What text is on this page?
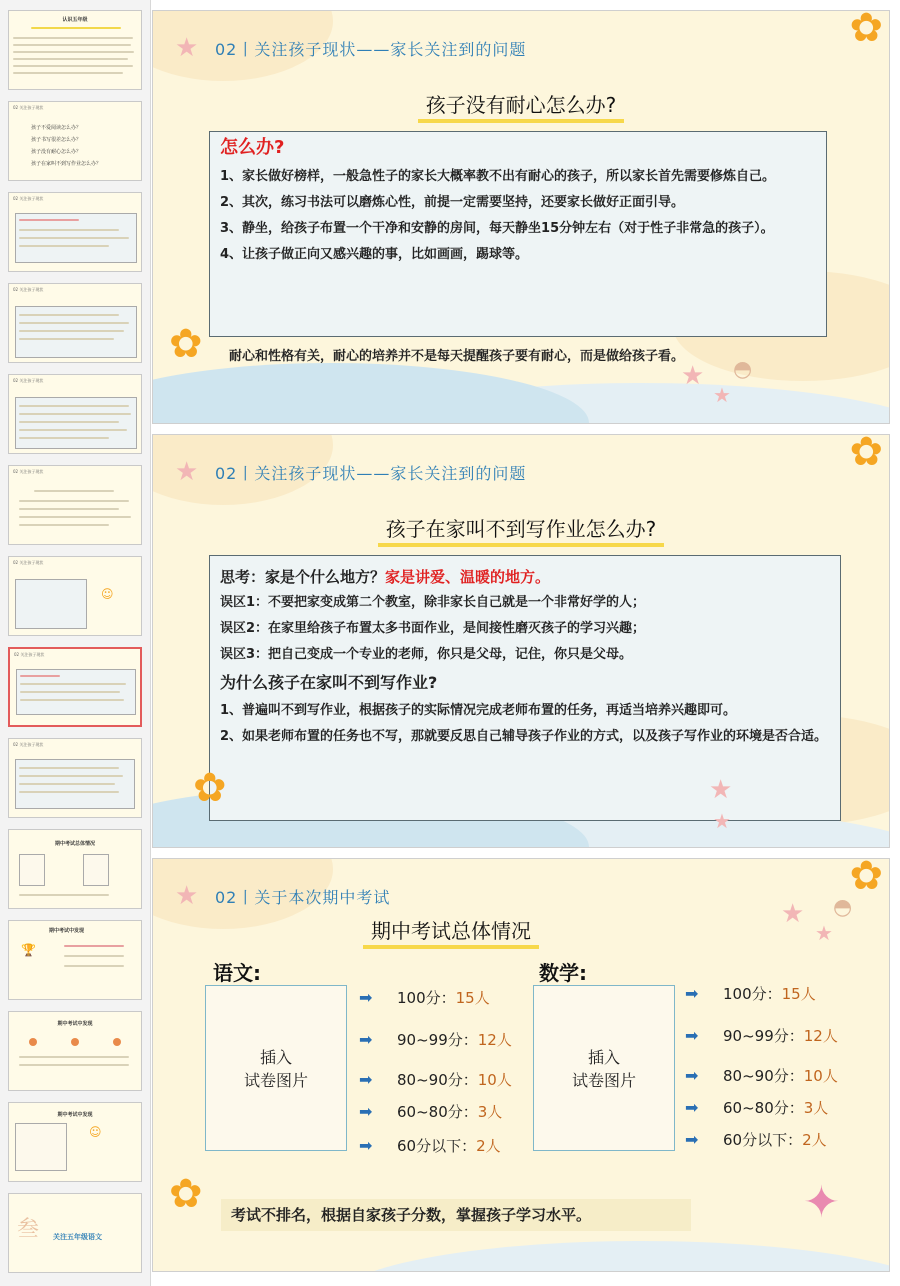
认识五年级
02 关注孩子现状
孩子不爱阅读怎么办？
孩子书写很差怎么办？
孩子没有耐心怎么办？
孩子在家叫不到写作业怎么办？
02 关注孩子现状
02 关注孩子现状
02 关注孩子现状
02 关注孩子现状
02 关注孩子现状
☺
02 关注孩子现状
02 关注孩子现状
期中考试总体情况
期中考试中发现
🏆
期中考试中发现
期中考试中发现
☺
叁 关注五年级语文
★	✿
02丨关注孩子现状——家长关注到的问题
孩子没有耐心怎么办?
怎么办?

1、家长做好榜样，一般急性子的家长大概率教不出有耐心的孩子，所以家长首先需要修炼自己。

2、其次，练习书法可以磨炼心性，前提一定需要坚持，还要家长做好正面引导。

3、静坐，给孩子布置一个干净和安静的房间，每天静坐15分钟左右（对于性子非常急的孩子）。

4、让孩子做正向又感兴趣的事，比如画画，踢球等。

耐心和性格有关，耐心的培养并不是每天提醒孩子要有耐心，而是做给孩子看。
✿
★
★
◓
★	✿
02丨关注孩子现状——家长关注到的问题
孩子在家叫不到写作业怎么办?
思考：家是个什么地方？家是讲爱、温暖的地方。

误区1：不要把家变成第二个教室，除非家长自己就是一个非常好学的人；

误区2：在家里给孩子布置太多书面作业，是间接性磨灭孩子的学习兴趣；

误区3：把自己变成一个专业的老师，你只是父母，记住，你只是父母。

为什么孩子在家叫不到写作业?

1、普遍叫不到写作业，根据孩子的实际情况完成老师布置的任务，再适当培养兴趣即可。

2、如果老师布置的任务也不写，那就要反思自己辅导孩子作业的方式，以及孩子写作业的环境是否合适。

✿	★
★
★	✿
★
★
◓
02丨关于本次期中考试
期中考试总体情况
语文:
插入
试卷图片
➡ 100分：15人
➡ 90~99分：12人
➡ 80~90分：10人
➡ 60~80分：3人
➡ 60分以下：2人
数学:
插入
试卷图片
➡ 100分：15人
➡ 90~99分：12人
➡ 80~90分：10人
➡ 60~80分：3人
➡ 60分以下：2人
考试不排名，根据自家孩子分数，掌握孩子学习水平。
✿	✦
